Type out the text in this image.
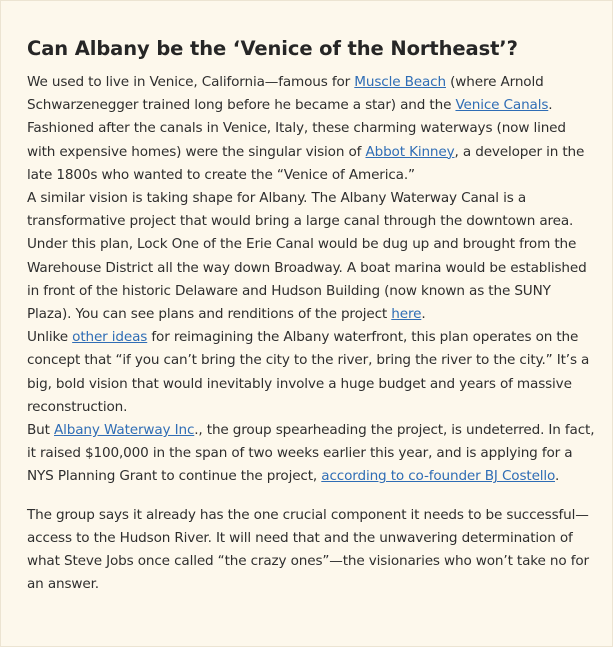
Can Albany be the ‘Venice of the Northeast’?

We used to live in Venice, California—famous for Muscle Beach (where Arnold Schwarzenegger trained long before he became a star) and the Venice Canals. Fashioned after the canals in Venice, Italy, these charming waterways (now lined with expensive homes) were the singular vision of Abbot Kinney, a developer in the late 1800s who wanted to create the “Venice of America.”

A similar vision is taking shape for Albany. The Albany Waterway Canal is a transformative project that would bring a large canal through the downtown area. Under this plan, Lock One of the Erie Canal would be dug up and brought from the Warehouse District all the way down Broadway. A boat marina would be established in front of the historic Delaware and Hudson Building (now known as the SUNY Plaza). You can see plans and renditions of the project here.

Unlike other ideas for reimagining the Albany waterfront, this plan operates on the concept that “if you can’t bring the city to the river, bring the river to the city.” It’s a big, bold vision that would inevitably involve a huge budget and years of massive reconstruction.

But Albany Waterway Inc., the group spearheading the project, is undeterred. In fact, it raised $100,000 in the span of two weeks earlier this year, and is applying for a NYS Planning Grant to continue the project, according to co-founder BJ Costello.

The group says it already has the one crucial component it needs to be successful—access to the Hudson River. It will need that and the unwavering determination of what Steve Jobs once called “the crazy ones”—the visionaries who won’t take no for an answer.
